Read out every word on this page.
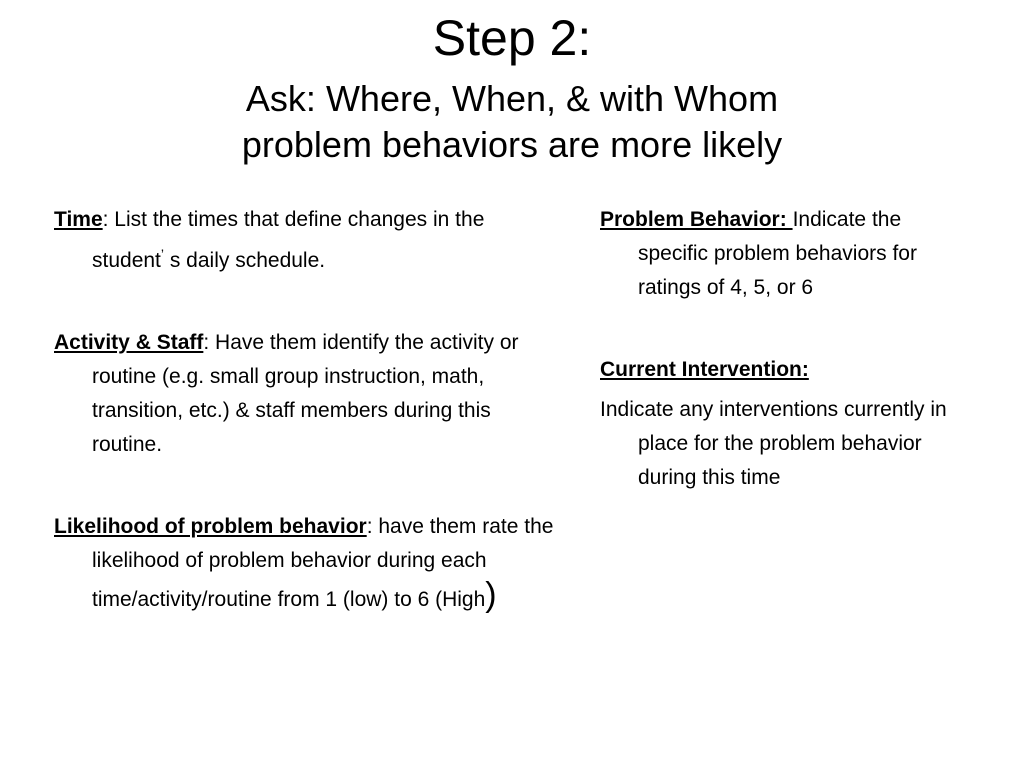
Step 2:
Ask: Where, When, & with Whom
problem behaviors are more likely

Time: List the times that define changes in the student’ s daily schedule.

Activity & Staff: Have them identify the activity or routine (e.g. small group instruction, math, transition, etc.) & staff members during this routine.

Likelihood of problem behavior: have them rate the likelihood of problem behavior during each time/activity/routine from 1 (low) to 6 (High)

Problem Behavior: Indicate the specific problem behaviors for ratings of 4, 5, or 6

Current Intervention:

Indicate any interventions currently in place for the problem behavior during this time
